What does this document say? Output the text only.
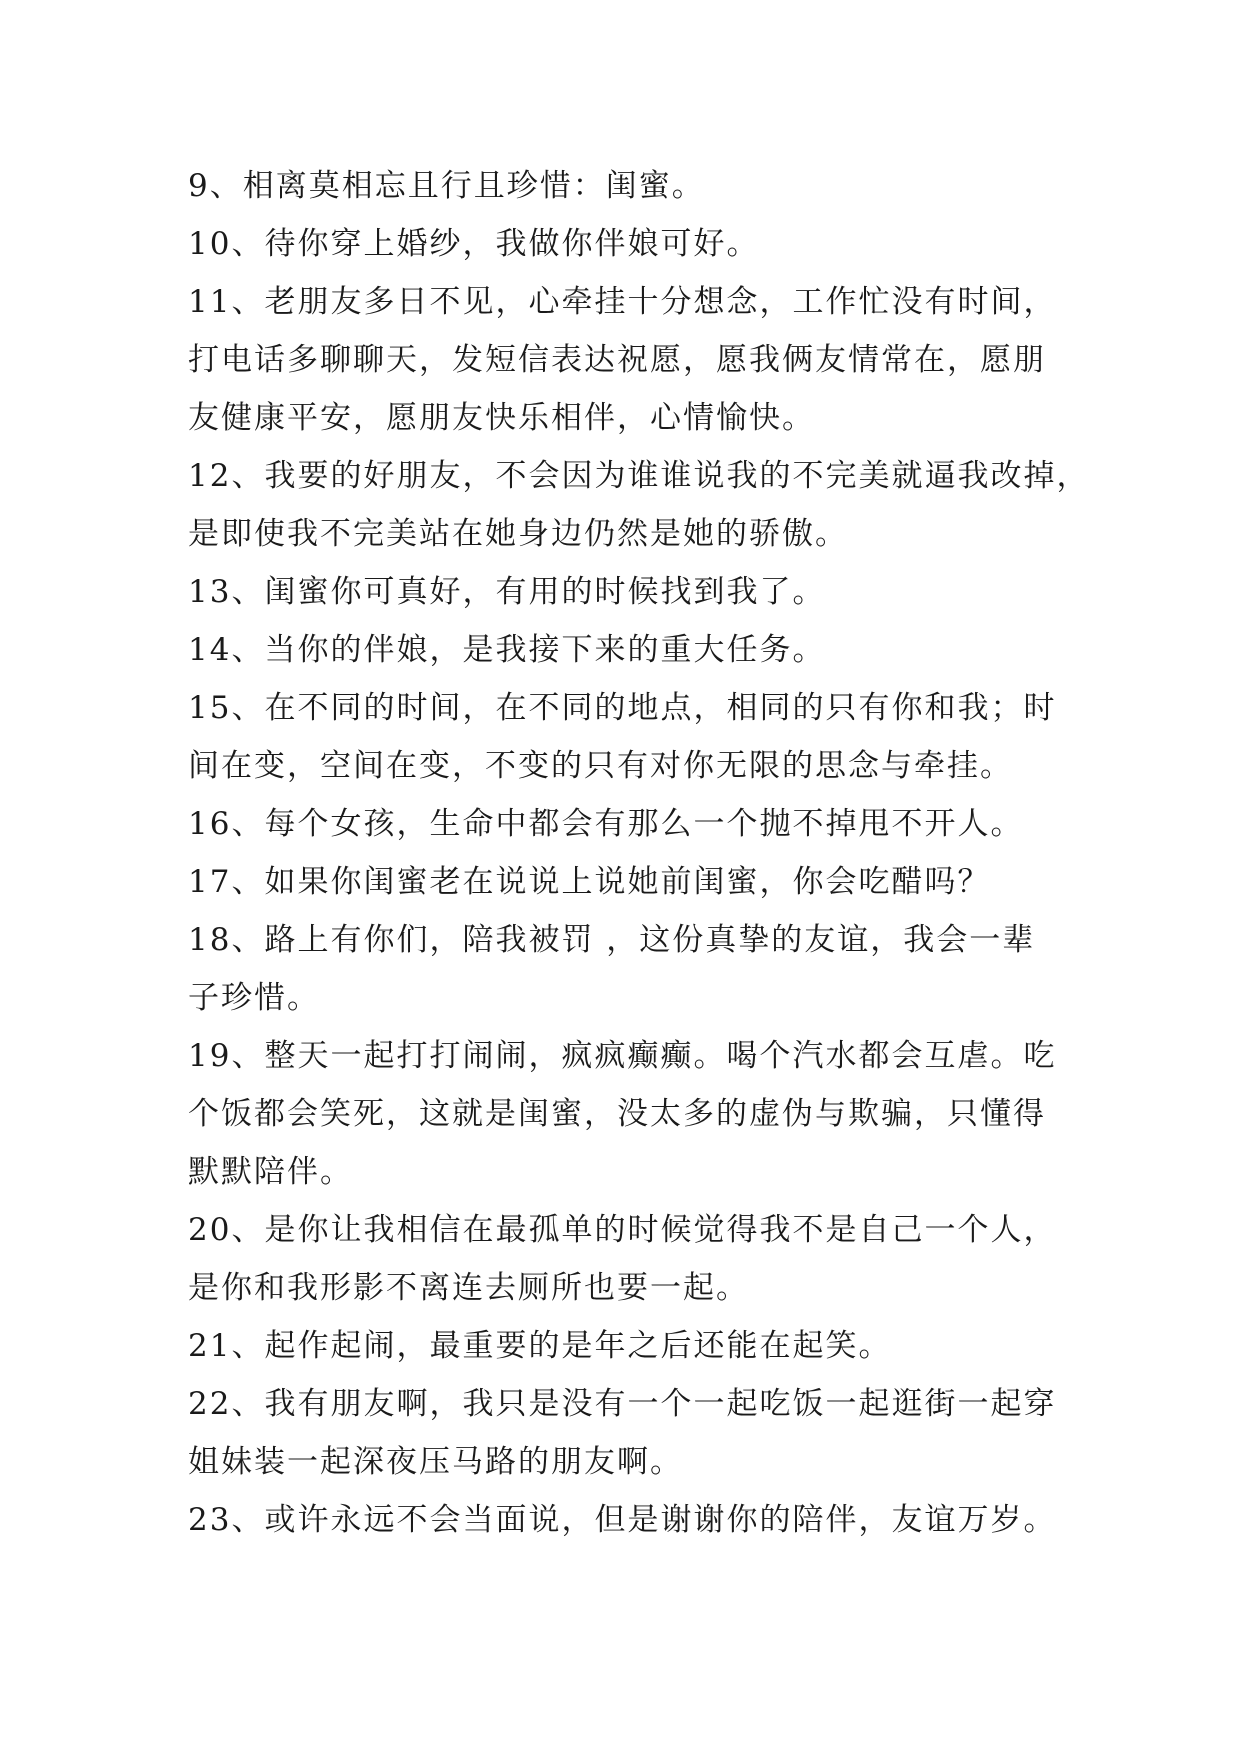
9、相离莫相忘且行且珍惜：闺蜜。
10、待你穿上婚纱，我做你伴娘可好。
11、老朋友多日不见，心牵挂十分想念，工作忙没有时间，
打电话多聊聊天，发短信表达祝愿，愿我俩友情常在，愿朋
友健康平安，愿朋友快乐相伴，心情愉快。
12、我要的好朋友，不会因为谁谁说我的不完美就逼我改掉，
是即使我不完美站在她身边仍然是她的骄傲。
13、闺蜜你可真好，有用的时候找到我了。
14、当你的伴娘，是我接下来的重大任务。
15、在不同的时间，在不同的地点，相同的只有你和我；时
间在变，空间在变，不变的只有对你无限的思念与牵挂。
16、每个女孩，生命中都会有那么一个抛不掉甩不开人。
17、如果你闺蜜老在说说上说她前闺蜜，你会吃醋吗？
18、路上有你们，陪我被罚 ，这份真挚的友谊，我会一辈
子珍惜。
19、整天一起打打闹闹，疯疯癫癫。喝个汽水都会互虐。吃
个饭都会笑死，这就是闺蜜，没太多的虚伪与欺骗，只懂得
默默陪伴。
20、是你让我相信在最孤单的时候觉得我不是自己一个人，
是你和我形影不离连去厕所也要一起。
21、起作起闹，最重要的是年之后还能在起笑。
22、我有朋友啊，我只是没有一个一起吃饭一起逛街一起穿
姐妹装一起深夜压马路的朋友啊。
23、或许永远不会当面说，但是谢谢你的陪伴，友谊万岁。
